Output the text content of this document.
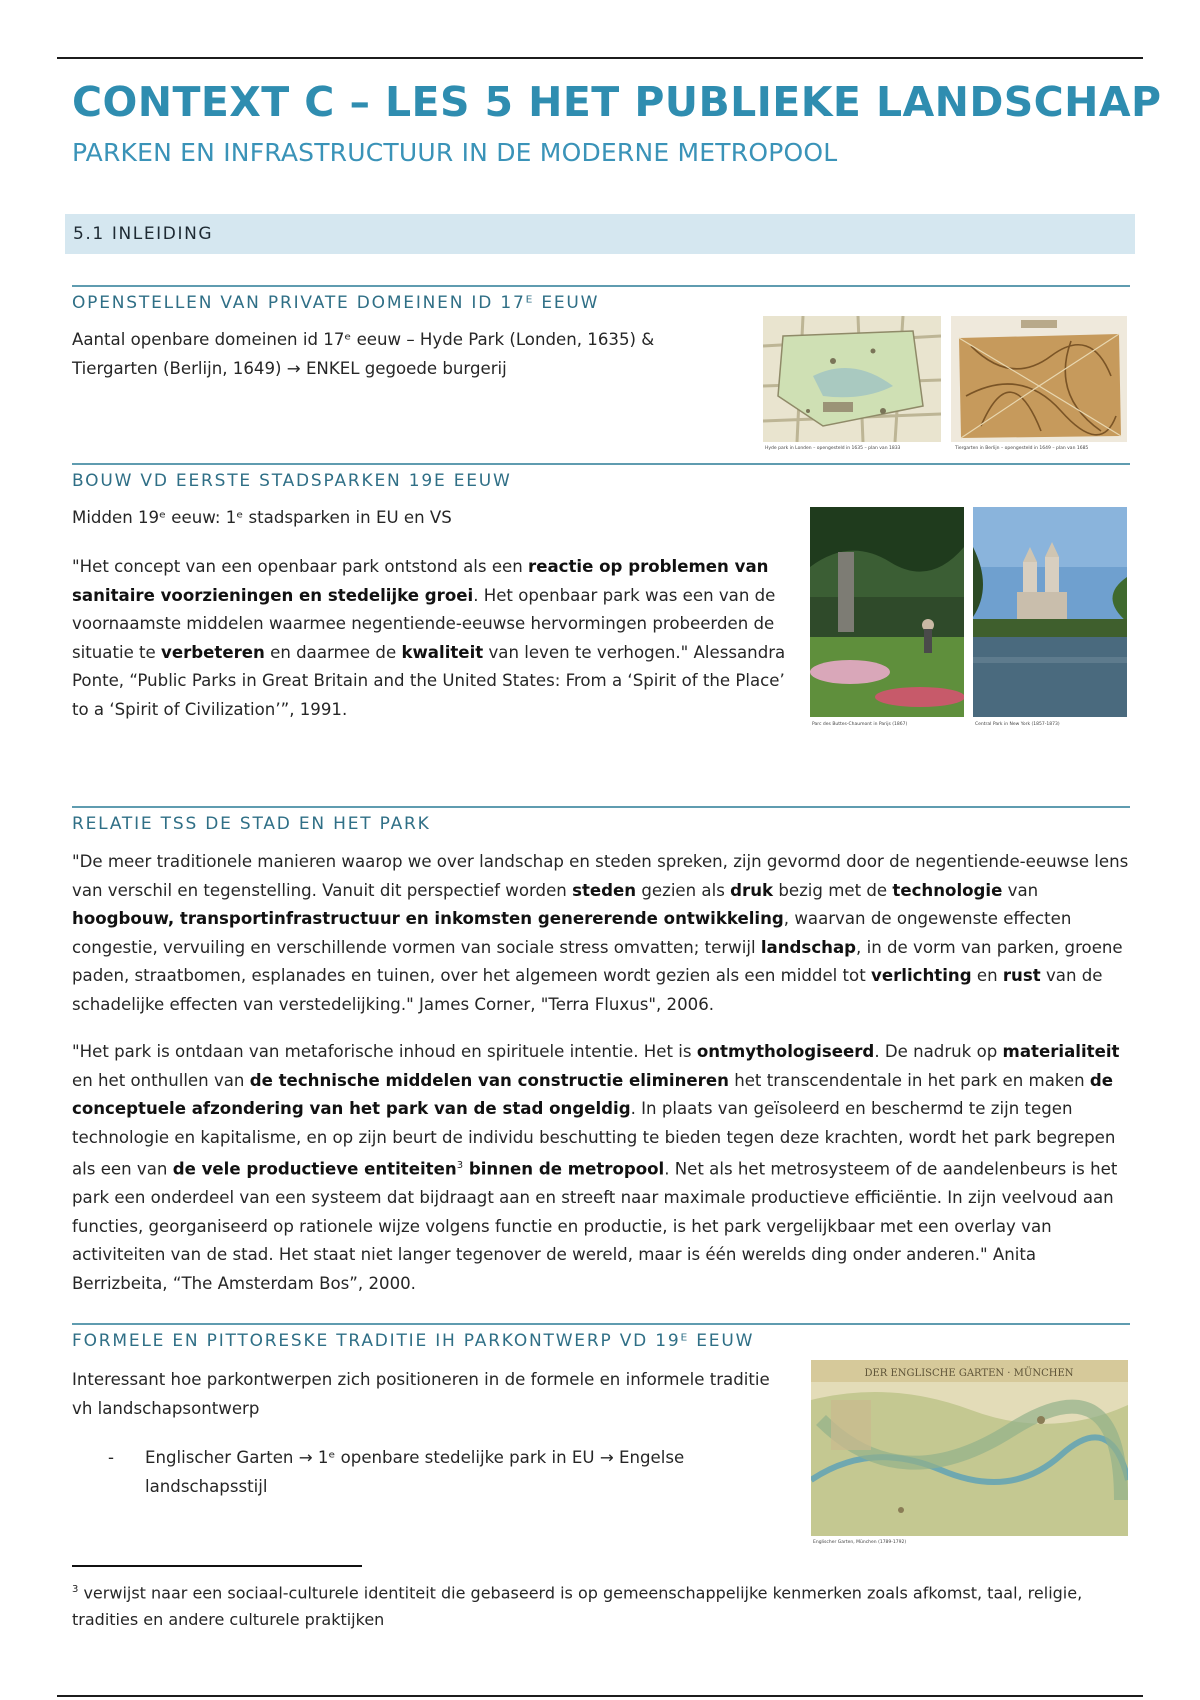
CONTEXT C – LES 5 HET PUBLIEKE LANDSCHAP
PARKEN EN INFRASTRUCTUUR IN DE MODERNE METROPOOL
5.1 INLEIDING
OPENSTELLEN VAN PRIVATE DOMEINEN ID 17ᴱ EEUW

Aantal openbare domeinen id 17ᵉ eeuw – Hyde Park (Londen, 1635) &

Tiergarten (Berlijn, 1649) → ENKEL gegoede burgerij

Hyde park in Londen – opengesteld in 1635 – plan van 1833	Tiergarten in Berlijn – opengesteld in 1649 – plan van 1685
BOUW VD EERSTE STADSPARKEN 19E EEUW

Midden 19ᵉ eeuw: 1ᵉ stadsparken in EU en VS

"Het concept van een openbaar park ontstond als een reactie op problemen van sanitaire voorzieningen en stedelijke groei. Het openbaar park was een van de voornaamste middelen waarmee negentiende-eeuwse hervormingen probeerden de situatie te verbeteren en daarmee de kwaliteit van leven te verhogen." Alessandra Ponte, “Public Parks in Great Britain and the United States: From a ‘Spirit of the Place’ to a ‘Spirit of Civilization’”, 1991.

Parc des Buttes-Chaumont in Parijs (1867)	Central Park in New York (1857-1873)
RELATIE TSS DE STAD EN HET PARK

"De meer traditionele manieren waarop we over landschap en steden spreken, zijn gevormd door de negentiende-eeuwse lens van verschil en tegenstelling. Vanuit dit perspectief worden steden gezien als druk bezig met de technologie van hoogbouw, transportinfrastructuur en inkomsten genererende ontwikkeling, waarvan de ongewenste effecten congestie, vervuiling en verschillende vormen van sociale stress omvatten; terwijl landschap, in de vorm van parken, groene paden, straatbomen, esplanades en tuinen, over het algemeen wordt gezien als een middel tot verlichting en rust van de schadelijke effecten van verstedelijking." James Corner, "Terra Fluxus", 2006.

"Het park is ontdaan van metaforische inhoud en spirituele intentie. Het is ontmythologiseerd. De nadruk op materialiteit en het onthullen van de technische middelen van constructie elimineren het transcendentale in het park en maken de conceptuele afzondering van het park van de stad ongeldig. In plaats van geïsoleerd en beschermd te zijn tegen technologie en kapitalisme, en op zijn beurt de individu beschutting te bieden tegen deze krachten, wordt het park begrepen als een van de vele productieve entiteiten$^3$ binnen de metropool. Net als het metrosysteem of de aandelenbeurs is het park een onderdeel van een systeem dat bijdraagt aan en streeft naar maximale productieve efficiëntie. In zijn veelvoud aan functies, georganiseerd op rationele wijze volgens functie en productie, is het park vergelijkbaar met een overlay van activiteiten van de stad. Het staat niet langer tegenover de wereld, maar is één werelds ding onder anderen." Anita Berrizbeita, “The Amsterdam Bos”, 2000.

FORMELE EN PITTORESKE TRADITIE IH PARKONTWERP VD 19ᴱ EEUW

Interessant hoe parkontwerpen zich positioneren in de formele en informele traditie vh landschapsontwerp

- Englischer Garten → 1ᵉ openbare stedelijke park in EU → Engelse landschapsstijl

DER ENGLISCHE GARTEN · MÜNCHEN
Englischer Garten, München (1789-1792)

$^3$ verwijst naar een sociaal-culturele identiteit die gebaseerd is op gemeenschappelijke kenmerken zoals afkomst, taal, religie, tradities en andere culturele praktijken
